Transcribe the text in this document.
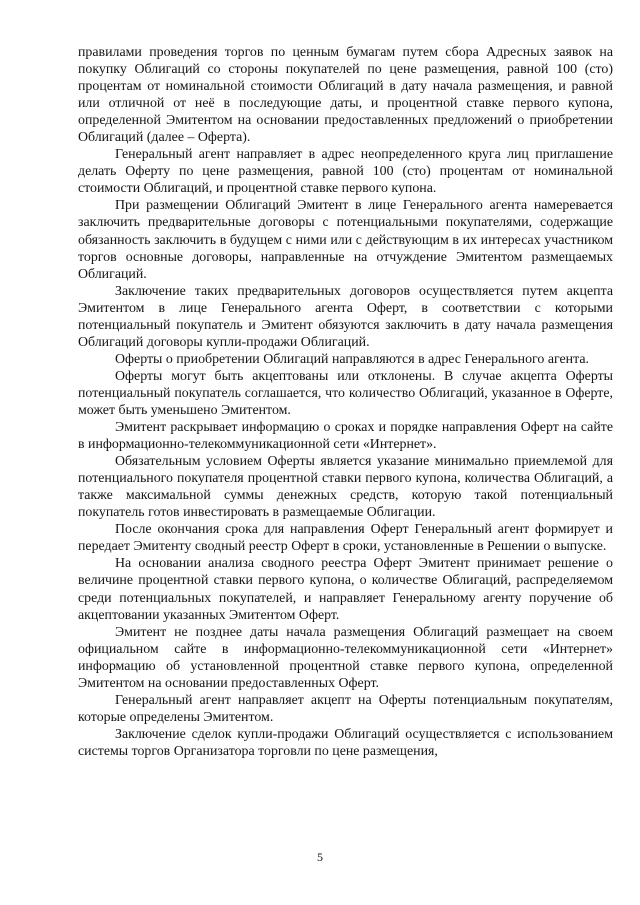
правилами проведения торгов по ценным бумагам путем сбора Адресных заявок на покупку Облигаций со стороны покупателей по цене размещения, равной 100 (сто) процентам от номинальной стоимости Облигаций в дату начала размещения, и равной или отличной от неё в последующие даты, и процентной ставке первого купона, определенной Эмитентом на основании предоставленных предложений о приобретении Облигаций (далее – Оферта).

Генеральный агент направляет в адрес неопределенного круга лиц приглашение делать Оферту по цене размещения, равной 100 (сто) процентам от номинальной стоимости Облигаций, и процентной ставке первого купона.

При размещении Облигаций Эмитент в лице Генерального агента намеревается заключить предварительные договоры с потенциальными покупателями, содержащие обязанность заключить в будущем с ними или с действующим в их интересах участником торгов основные договоры, направленные на отчуждение Эмитентом размещаемых Облигаций.

Заключение таких предварительных договоров осуществляется путем акцепта Эмитентом в лице Генерального агента Оферт, в соответствии с которыми потенциальный покупатель и Эмитент обязуются заключить в дату начала размещения Облигаций договоры купли-продажи Облигаций.

Оферты о приобретении Облигаций направляются в адрес Генерального агента.

Оферты могут быть акцептованы или отклонены. В случае акцепта Оферты потенциальный покупатель соглашается, что количество Облигаций, указанное в Оферте, может быть уменьшено Эмитентом.

Эмитент раскрывает информацию о сроках и порядке направления Оферт на сайте в информационно-телекоммуникационной сети «Интернет».

Обязательным условием Оферты является указание минимально приемлемой для потенциального покупателя процентной ставки первого купона, количества Облигаций, а также максимальной суммы денежных средств, которую такой потенциальный покупатель готов инвестировать в размещаемые Облигации.

После окончания срока для направления Оферт Генеральный агент формирует и передает Эмитенту сводный реестр Оферт в сроки, установленные в Решении о выпуске.

На основании анализа сводного реестра Оферт Эмитент принимает решение о величине процентной ставки первого купона, о количестве Облигаций, распределяемом среди потенциальных покупателей, и направляет Генеральному агенту поручение об акцептовании указанных Эмитентом Оферт.

Эмитент не позднее даты начала размещения Облигаций размещает на своем официальном сайте в информационно-телекоммуникационной сети «Интернет» информацию об установленной процентной ставке первого купона, определенной Эмитентом на основании предоставленных Оферт.

Генеральный агент направляет акцепт на Оферты потенциальным покупателям, которые определены Эмитентом.

Заключение сделок купли-продажи Облигаций осуществляется с использованием системы торгов Организатора торговли по цене размещения,

5
